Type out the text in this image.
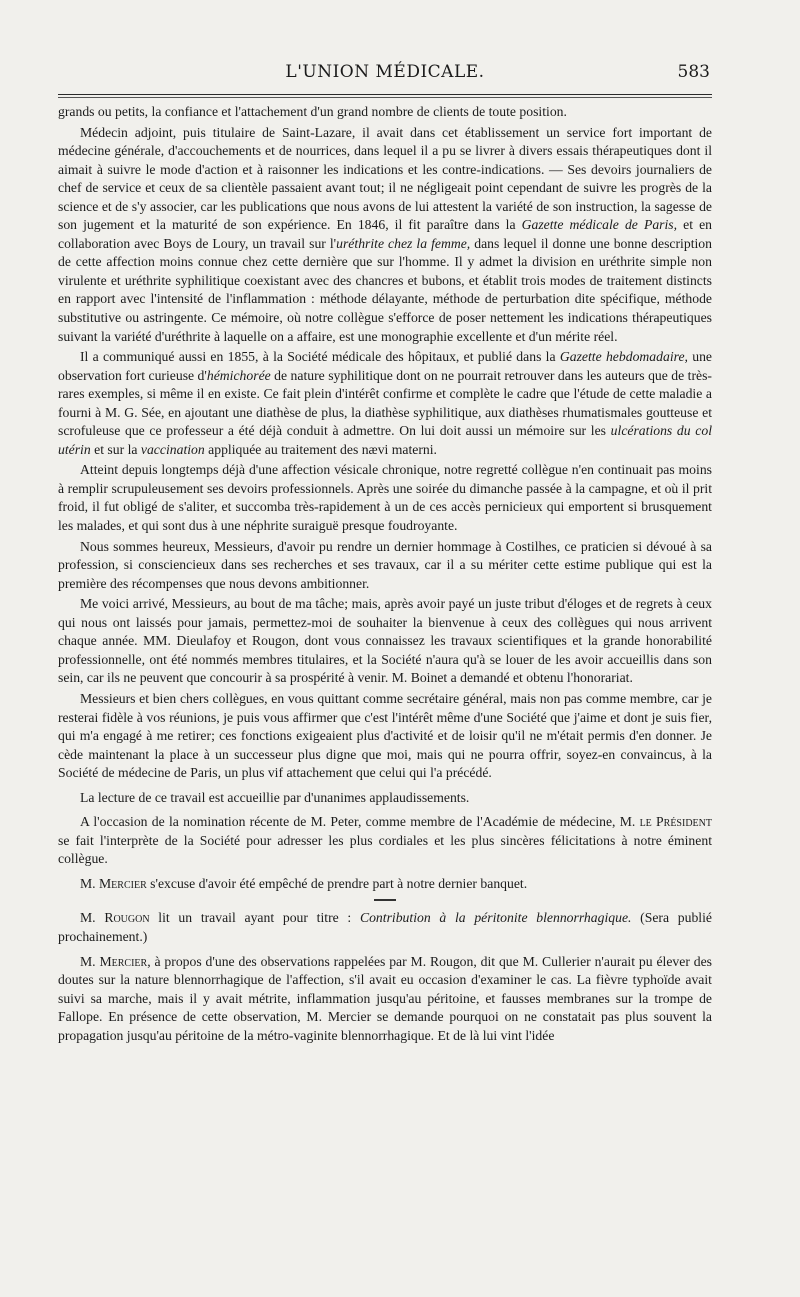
L'UNION MÉDICALE.	583

grands ou petits, la confiance et l'attachement d'un grand nombre de clients de toute position.

Médecin adjoint, puis titulaire de Saint-Lazare, il avait dans cet établissement un service fort important de médecine générale, d'accouchements et de nourrices, dans lequel il a pu se livrer à divers essais thérapeutiques dont il aimait à suivre le mode d'action et à raisonner les indications et les contre-indications. — Ses devoirs journaliers de chef de service et ceux de sa clientèle passaient avant tout; il ne négligeait point cependant de suivre les progrès de la science et de s'y associer, car les publications que nous avons de lui attestent la variété de son instruction, la sagesse de son jugement et la maturité de son expérience. En 1846, il fit paraître dans la Gazette médicale de Paris, et en collaboration avec Boys de Loury, un travail sur l'uréthrite chez la femme, dans lequel il donne une bonne description de cette affection moins connue chez cette dernière que sur l'homme. Il y admet la division en uréthrite simple non virulente et uréthrite syphilitique coexistant avec des chancres et bubons, et établit trois modes de traitement distincts en rapport avec l'intensité de l'inflammation : méthode délayante, méthode de perturbation dite spécifique, méthode substitutive ou astringente. Ce mémoire, où notre collègue s'efforce de poser nettement les indications thérapeutiques suivant la variété d'uréthrite à laquelle on a affaire, est une monographie excellente et d'un mérite réel.

Il a communiqué aussi en 1855, à la Société médicale des hôpitaux, et publié dans la Gazette hebdomadaire, une observation fort curieuse d'hémichorée de nature syphilitique dont on ne pourrait retrouver dans les auteurs que de très-rares exemples, si même il en existe. Ce fait plein d'intérêt confirme et complète le cadre que l'étude de cette maladie a fourni à M. G. Sée, en ajoutant une diathèse de plus, la diathèse syphilitique, aux diathèses rhumatismales goutteuse et scrofuleuse que ce professeur a été déjà conduit à admettre. On lui doit aussi un mémoire sur les ulcérations du col utérin et sur la vaccination appliquée au traitement des nævi materni.

Atteint depuis longtemps déjà d'une affection vésicale chronique, notre regretté collègue n'en continuait pas moins à remplir scrupuleusement ses devoirs professionnels. Après une soirée du dimanche passée à la campagne, et où il prit froid, il fut obligé de s'aliter, et succomba très-rapidement à un de ces accès pernicieux qui emportent si brusquement les malades, et qui sont dus à une néphrite suraiguë presque foudroyante.

Nous sommes heureux, Messieurs, d'avoir pu rendre un dernier hommage à Costilhes, ce praticien si dévoué à sa profession, si consciencieux dans ses recherches et ses travaux, car il a su mériter cette estime publique qui est la première des récompenses que nous devons ambitionner.

Me voici arrivé, Messieurs, au bout de ma tâche; mais, après avoir payé un juste tribut d'éloges et de regrets à ceux qui nous ont laissés pour jamais, permettez-moi de souhaiter la bienvenue à ceux des collègues qui nous arrivent chaque année. MM. Dieulafoy et Rougon, dont vous connaissez les travaux scientifiques et la grande honorabilité professionnelle, ont été nommés membres titulaires, et la Société n'aura qu'à se louer de les avoir accueillis dans son sein, car ils ne peuvent que concourir à sa prospérité à venir. M. Boinet a demandé et obtenu l'honorariat.

Messieurs et bien chers collègues, en vous quittant comme secrétaire général, mais non pas comme membre, car je resterai fidèle à vos réunions, je puis vous affirmer que c'est l'intérêt même d'une Société que j'aime et dont je suis fier, qui m'a engagé à me retirer; ces fonctions exigeaient plus d'activité et de loisir qu'il ne m'était permis d'en donner. Je cède maintenant la place à un successeur plus digne que moi, mais qui ne pourra offrir, soyez-en convaincus, à la Société de médecine de Paris, un plus vif attachement que celui qui l'a précédé.

La lecture de ce travail est accueillie par d'unanimes applaudissements.

A l'occasion de la nomination récente de M. Peter, comme membre de l'Académie de médecine, M. le Président se fait l'interprète de la Société pour adresser les plus cordiales et les plus sincères félicitations à notre éminent collègue.

M. Mercier s'excuse d'avoir été empêché de prendre part à notre dernier banquet.

M. Rougon lit un travail ayant pour titre : Contribution à la péritonite blennorrhagique. (Sera publié prochainement.)

M. Mercier, à propos d'une des observations rappelées par M. Rougon, dit que M. Cullerier n'aurait pu élever des doutes sur la nature blennorrhagique de l'affection, s'il avait eu occasion d'examiner le cas. La fièvre typhoïde avait suivi sa marche, mais il y avait métrite, inflammation jusqu'au péritoine, et fausses membranes sur la trompe de Fallope. En présence de cette observation, M. Mercier se demande pourquoi on ne constatait pas plus souvent la propagation jusqu'au péritoine de la métro-vaginite blennorrhagique. Et de là lui vint l'idée
